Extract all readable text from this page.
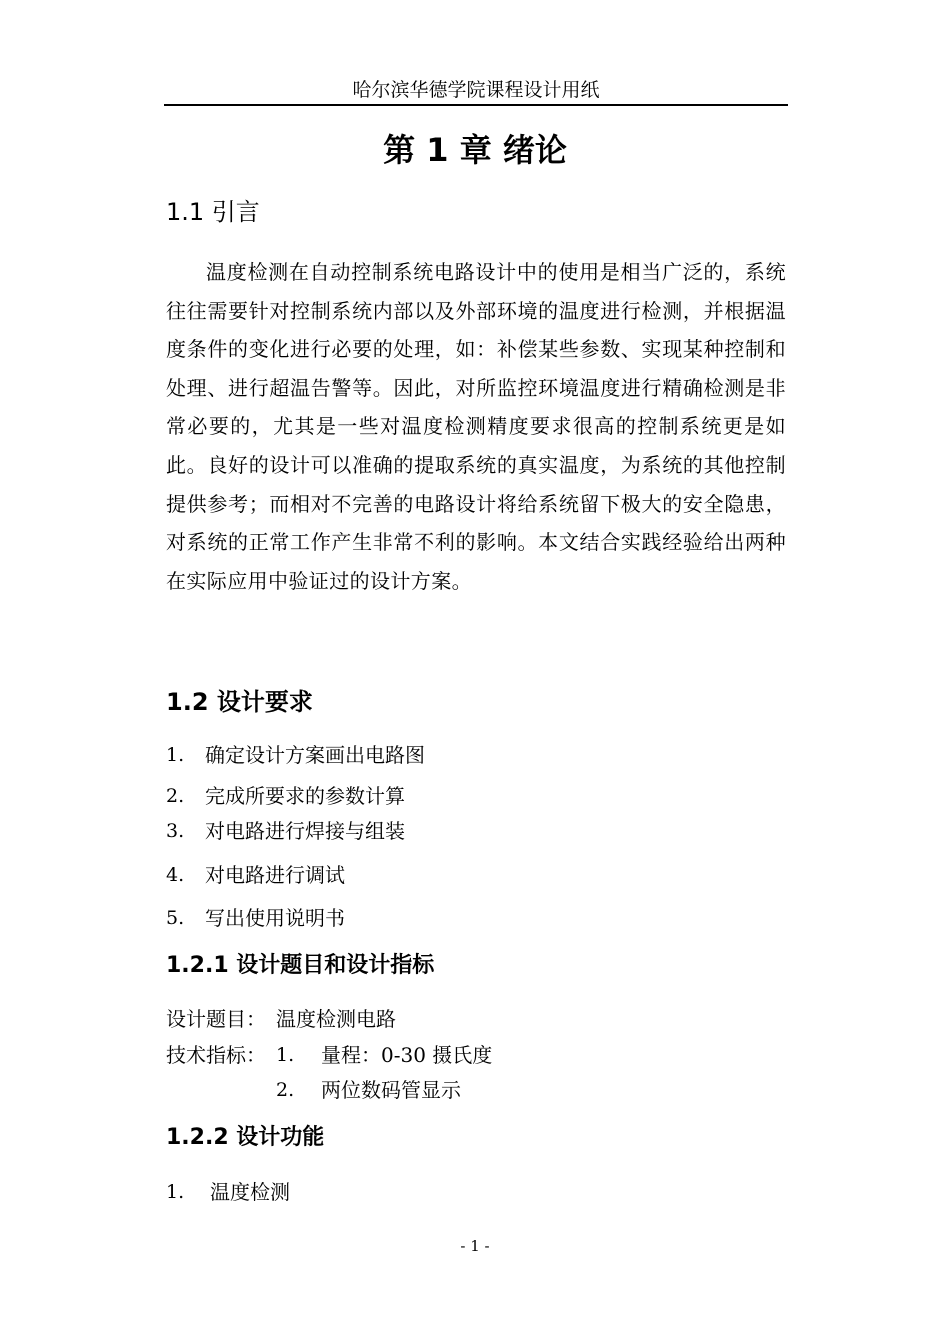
哈尔滨华德学院课程设计用纸
第 1 章 绪论
1.1 引言

温度检测在自动控制系统电路设计中的使用是相当广泛的，系统往往需要针对控制系统内部以及外部环境的温度进行检测，并根据温度条件的变化进行必要的处理，如：补偿某些参数、实现某种控制和处理、进行超温告警等。因此，对所监控环境温度进行精确检测是非常必要的，尤其是一些对温度检测精度要求很高的控制系统更是如此。良好的设计可以准确的提取系统的真实温度，为系统的其他控制提供参考；而相对不完善的电路设计将给系统留下极大的安全隐患，对系统的正常工作产生非常不利的影响。本文结合实践经验给出两种在实际应用中验证过的设计方案。

1.2 设计要求
1. 确定设计方案画出电路图
2. 完成所要求的参数计算
3. 对电路进行焊接与组装
4. 对电路进行调试
5. 写出使用说明书
1.2.1 设计题目和设计指标
设计题目： 温度检测电路
技术指标： 1. 量程：0-30 摄氏度
2. 两位数码管显示
1.2.2 设计功能
1. 温度检测
- 1 -
